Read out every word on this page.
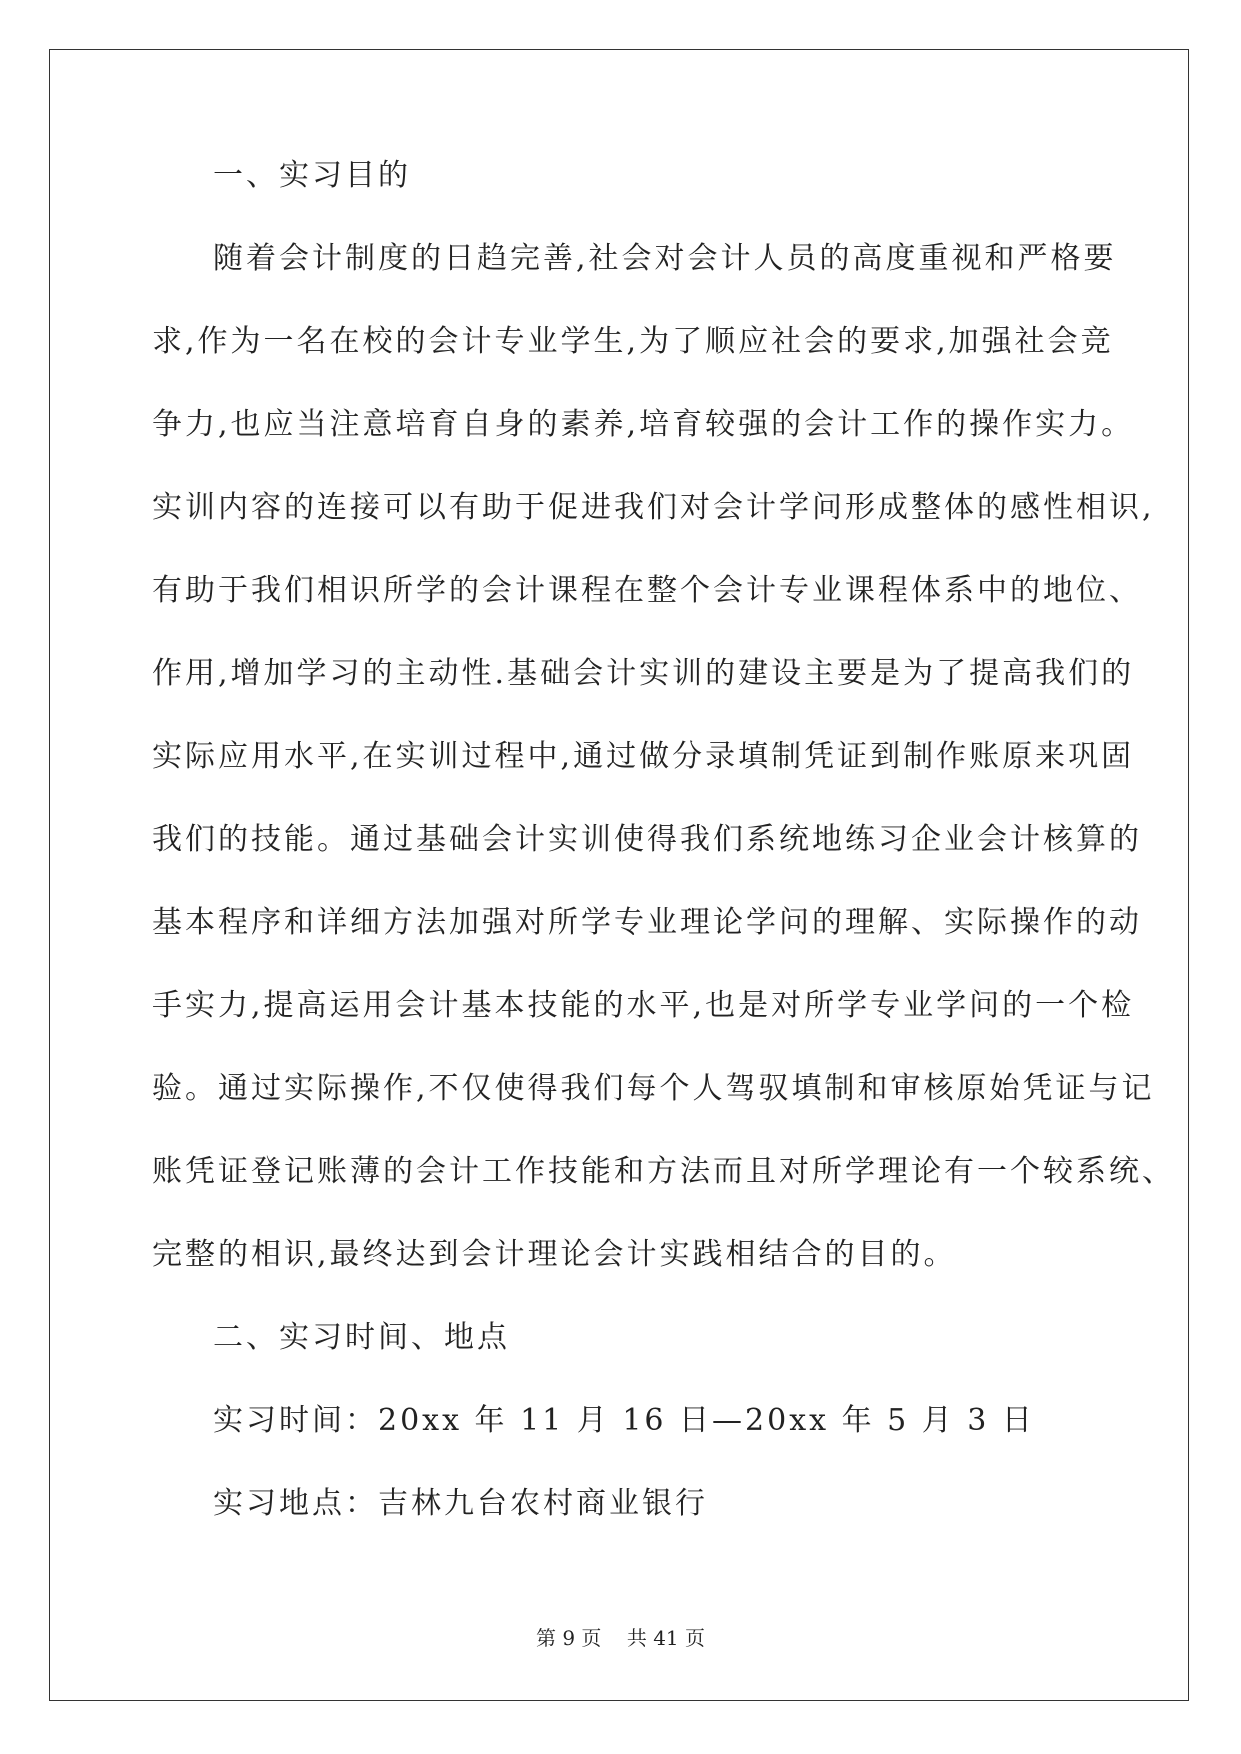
一、实习目的
随着会计制度的日趋完善,社会对会计人员的高度重视和严格要
求,作为一名在校的会计专业学生,为了顺应社会的要求,加强社会竞
争力,也应当注意培育自身的素养,培育较强的会计工作的操作实力。
实训内容的连接可以有助于促进我们对会计学问形成整体的感性相识,
有助于我们相识所学的会计课程在整个会计专业课程体系中的地位、
作用,增加学习的主动性.基础会计实训的建设主要是为了提高我们的
实际应用水平,在实训过程中,通过做分录填制凭证到制作账原来巩固
我们的技能。通过基础会计实训使得我们系统地练习企业会计核算的
基本程序和详细方法加强对所学专业理论学问的理解、实际操作的动
手实力,提高运用会计基本技能的水平,也是对所学专业学问的一个检
验。通过实际操作,不仅使得我们每个人驾驭填制和审核原始凭证与记
账凭证登记账薄的会计工作技能和方法而且对所学理论有一个较系统、
完整的相识,最终达到会计理论会计实践相结合的目的。
二、实习时间、地点
实习时间：20xx 年 11 月 16 日—20xx 年 5 月 3 日
实习地点：吉林九台农村商业银行
第 9 页    共 41 页
